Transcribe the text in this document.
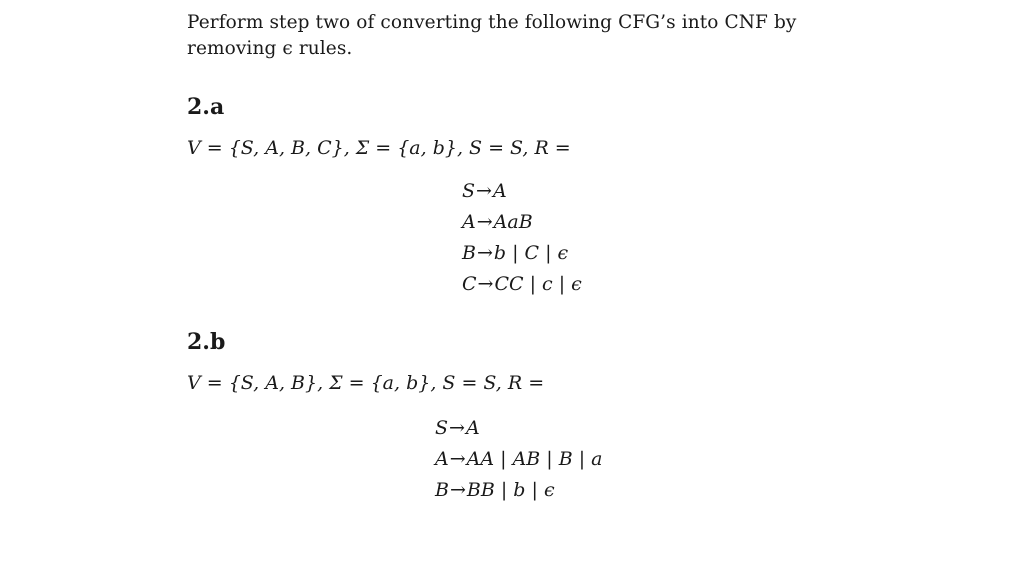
Perform step two of converting the following CFG’s into CNF by removing ϵ rules.
2.a
V = {S, A, B, C}, Σ = {a, b}, S = S, R =
S→A
A→AaB
B→b | C | ϵ
C→CC | c | ϵ
2.b
V = {S, A, B}, Σ = {a, b}, S = S, R =
S→A
A→AA | AB | B | a
B→BB | b | ϵ
